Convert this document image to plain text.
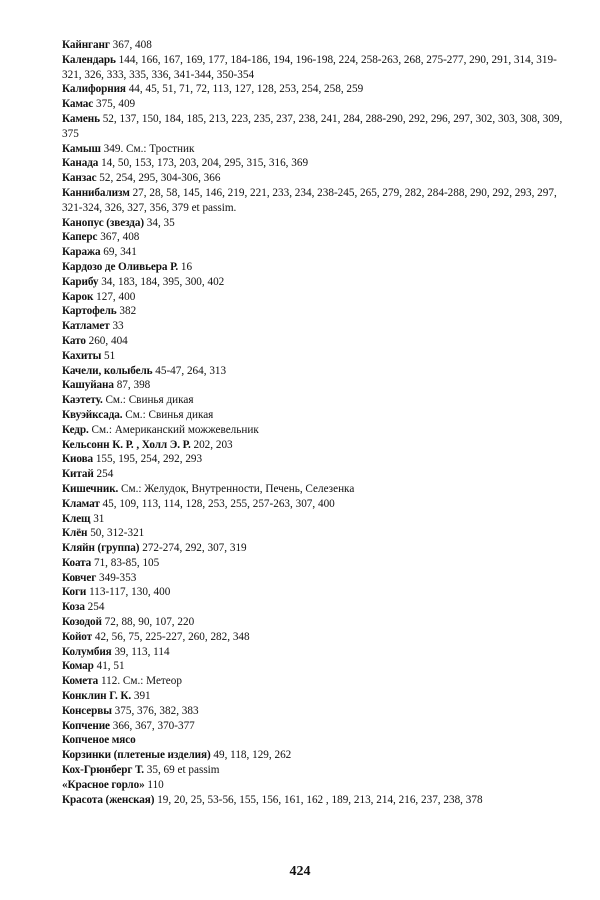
Кайнганг 367, 408

Календарь 144, 166, 167, 169, 177, 184-186, 194, 196-198, 224, 258-263, 268, 275-277, 290, 291, 314, 319-321, 326, 333, 335, 336, 341-344, 350-354

Калифорния 44, 45, 51, 71, 72, 113, 127, 128, 253, 254, 258, 259

Камас 375, 409

Камень 52, 137, 150, 184, 185, 213, 223, 235, 237, 238, 241, 284, 288-290, 292, 296, 297, 302, 303, 308, 309, 375

Камыш 349. См.: Тростник

Канада 14, 50, 153, 173, 203, 204, 295, 315, 316, 369

Канзас 52, 254, 295, 304-306, 366

Каннибализм 27, 28, 58, 145, 146, 219, 221, 233, 234, 238-245, 265, 279, 282, 284-288, 290, 292, 293, 297, 321-324, 326, 327, 356, 379 et passim.

Канопус (звезда) 34, 35

Каперс 367, 408

Каража 69, 341

Кардозо де Оливьера Р. 16

Карибу 34, 183, 184, 395, 300, 402

Карок 127, 400

Картофель 382

Катламет 33

Като 260, 404

Кахиты 51

Качели, колыбель 45-47, 264, 313

Кашуйана 87, 398

Каэтету. См.: Свинья дикая

Квуэйксада. См.: Свинья дикая

Кедр. См.: Американский можжевельник

Кельсонн К. Р. , Холл Э. Р. 202, 203

Киова 155, 195, 254, 292, 293

Китай 254

Кишечник. См.: Желудок, Внутренности, Печень, Селезенка

Кламат 45, 109, 113, 114, 128, 253, 255, 257-263, 307, 400

Клещ 31

Клён 50, 312-321

Кляйн (группа) 272-274, 292, 307, 319

Коата 71, 83-85, 105

Ковчег 349-353

Коги 113-117, 130, 400

Коза 254

Козодой 72, 88, 90, 107, 220

Койот 42, 56, 75, 225-227, 260, 282, 348

Колумбия 39, 113, 114

Комар 41, 51

Комета 112. См.: Метеор

Конклин Г. К. 391

Консервы 375, 376, 382, 383

Копчение 366, 367, 370-377

Копченое мясо

Корзинки (плетеные изделия) 49, 118, 129, 262

Кох-Грюнберг Т. 35, 69 et passim

«Красное горло» 110

Красота (женская) 19, 20, 25, 53-56, 155, 156, 161, 162 , 189, 213, 214, 216, 237, 238, 378

424
